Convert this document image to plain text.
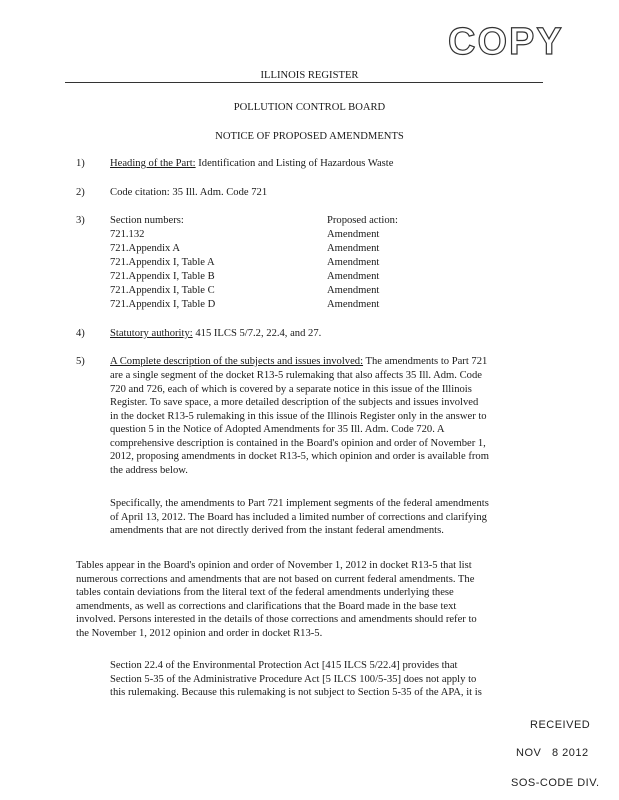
COPY
ILLINOIS REGISTER
POLLUTION CONTROL BOARD
NOTICE OF PROPOSED AMENDMENTS
1) Heading of the Part: Identification and Listing of Hazardous Waste
2) Code citation: 35 Ill. Adm. Code 721
3) Section numbers:	Proposed action:
721.132	Amendment
721.Appendix A	Amendment
721.Appendix I, Table A	Amendment
721.Appendix I, Table B	Amendment
721.Appendix I, Table C	Amendment
721.Appendix I, Table D	Amendment
4) Statutory authority: 415 ILCS 5/7.2, 22.4, and 27.
5) A Complete description of the subjects and issues involved: The amendments to Part 721
are a single segment of the docket R13-5 rulemaking that also affects 35 Ill. Adm. Code
720 and 726, each of which is covered by a separate notice in this issue of the Illinois
Register. To save space, a more detailed description of the subjects and issues involved
in the docket R13-5 rulemaking in this issue of the Illinois Register only in the answer to
question 5 in the Notice of Adopted Amendments for 35 Ill. Adm. Code 720. A
comprehensive description is contained in the Board's opinion and order of November 1,
2012, proposing amendments in docket R13-5, which opinion and order is available from
the address below.
Specifically, the amendments to Part 721 implement segments of the federal amendments
of April 13, 2012. The Board has included a limited number of corrections and clarifying
amendments that are not directly derived from the instant federal amendments.
Tables appear in the Board's opinion and order of November 1, 2012 in docket R13-5 that list
numerous corrections and amendments that are not based on current federal amendments. The
tables contain deviations from the literal text of the federal amendments underlying these
amendments, as well as corrections and clarifications that the Board made in the base text
involved. Persons interested in the details of those corrections and amendments should refer to
the November 1, 2012 opinion and order in docket R13-5.
Section 22.4 of the Environmental Protection Act [415 ILCS 5/22.4] provides that
Section 5-35 of the Administrative Procedure Act [5 ILCS 100/5-35] does not apply to
this rulemaking. Because this rulemaking is not subject to Section 5-35 of the APA, it is
RECEIVED
NOV   8 2012
SOS-CODE DIV.
